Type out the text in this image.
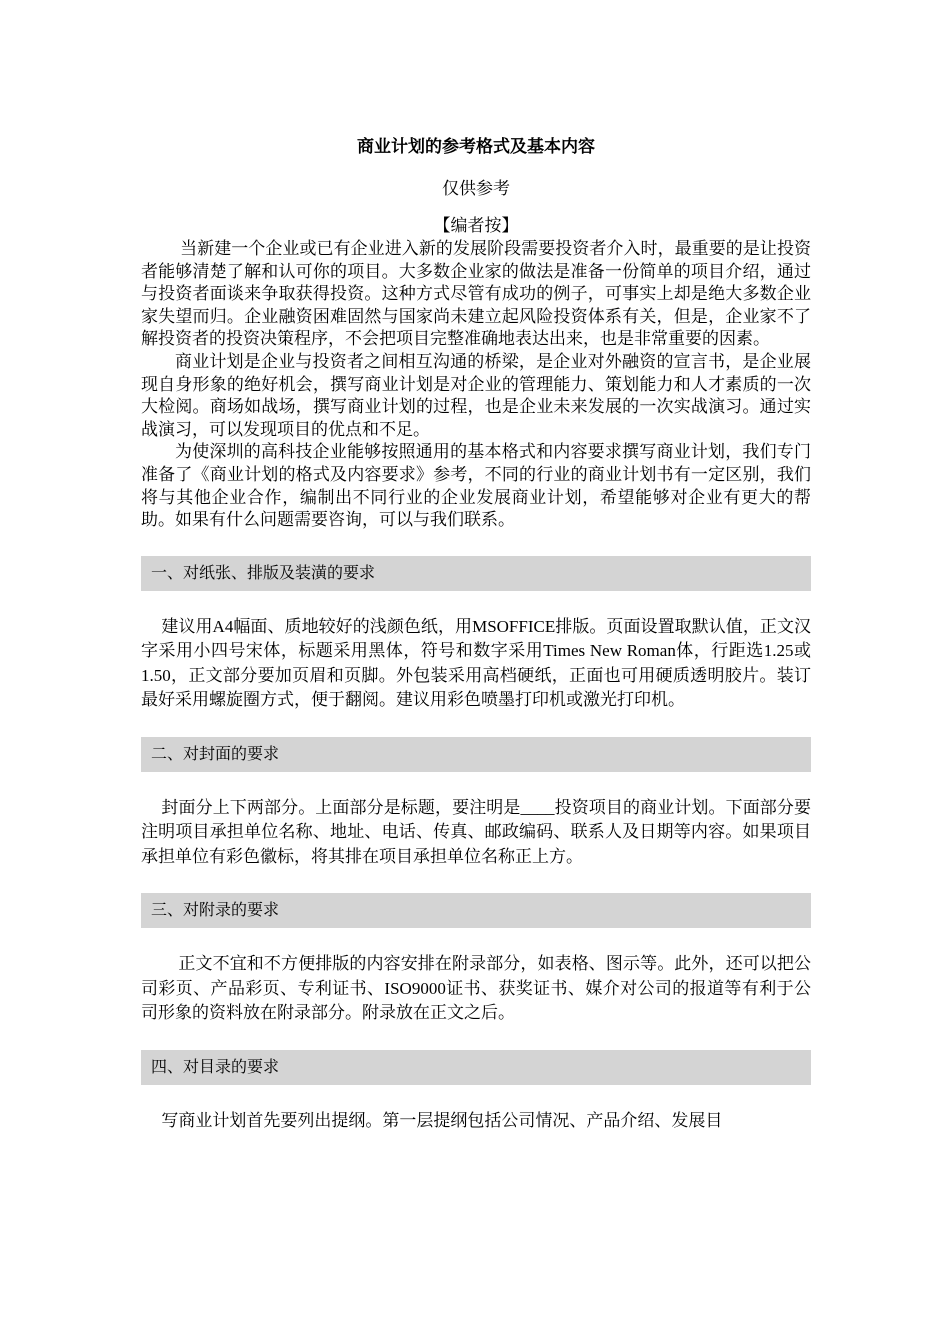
商业计划的参考格式及基本内容
仅供参考
【编者按】

当新建一个企业或已有企业进入新的发展阶段需要投资者介入时，最重要的是让投资者能够清楚了解和认可你的项目。大多数企业家的做法是准备一份简单的项目介绍，通过与投资者面谈来争取获得投资。这种方式尽管有成功的例子，可事实上却是绝大多数企业家失望而归。企业融资困难固然与国家尚未建立起风险投资体系有关，但是，企业家不了解投资者的投资决策程序，不会把项目完整准确地表达出来，也是非常重要的因素。

商业计划是企业与投资者之间相互沟通的桥梁，是企业对外融资的宣言书，是企业展现自身形象的绝好机会，撰写商业计划是对企业的管理能力、策划能力和人才素质的一次大检阅。商场如战场，撰写商业计划的过程，也是企业未来发展的一次实战演习。通过实战演习，可以发现项目的优点和不足。

为使深圳的高科技企业能够按照通用的基本格式和内容要求撰写商业计划，我们专门准备了《商业计划的格式及内容要求》参考，不同的行业的商业计划书有一定区别，我们将与其他企业合作，编制出不同行业的企业发展商业计划，希望能够对企业有更大的帮助。如果有什么问题需要咨询，可以与我们联系。

一、对纸张、排版及装潢的要求

建议用A4幅面、质地较好的浅颜色纸，用MSOFFICE排版。页面设置取默认值，正文汉字采用小四号宋体，标题采用黑体，符号和数字采用Times New Roman体，行距选1.25或1.50，正文部分要加页眉和页脚。外包装采用高档硬纸，正面也可用硬质透明胶片。装订最好采用螺旋圈方式，便于翻阅。建议用彩色喷墨打印机或激光打印机。

二、对封面的要求

封面分上下两部分。上面部分是标题，要注明是____投资项目的商业计划。下面部分要注明项目承担单位名称、地址、电话、传真、邮政编码、联系人及日期等内容。如果项目承担单位有彩色徽标，将其排在项目承担单位名称正上方。

三、对附录的要求

正文不宜和不方便排版的内容安排在附录部分，如表格、图示等。此外，还可以把公司彩页、产品彩页、专利证书、ISO9000证书、获奖证书、媒介对公司的报道等有利于公司形象的资料放在附录部分。附录放在正文之后。

四、对目录的要求

写商业计划首先要列出提纲。第一层提纲包括公司情况、产品介绍、发展目
